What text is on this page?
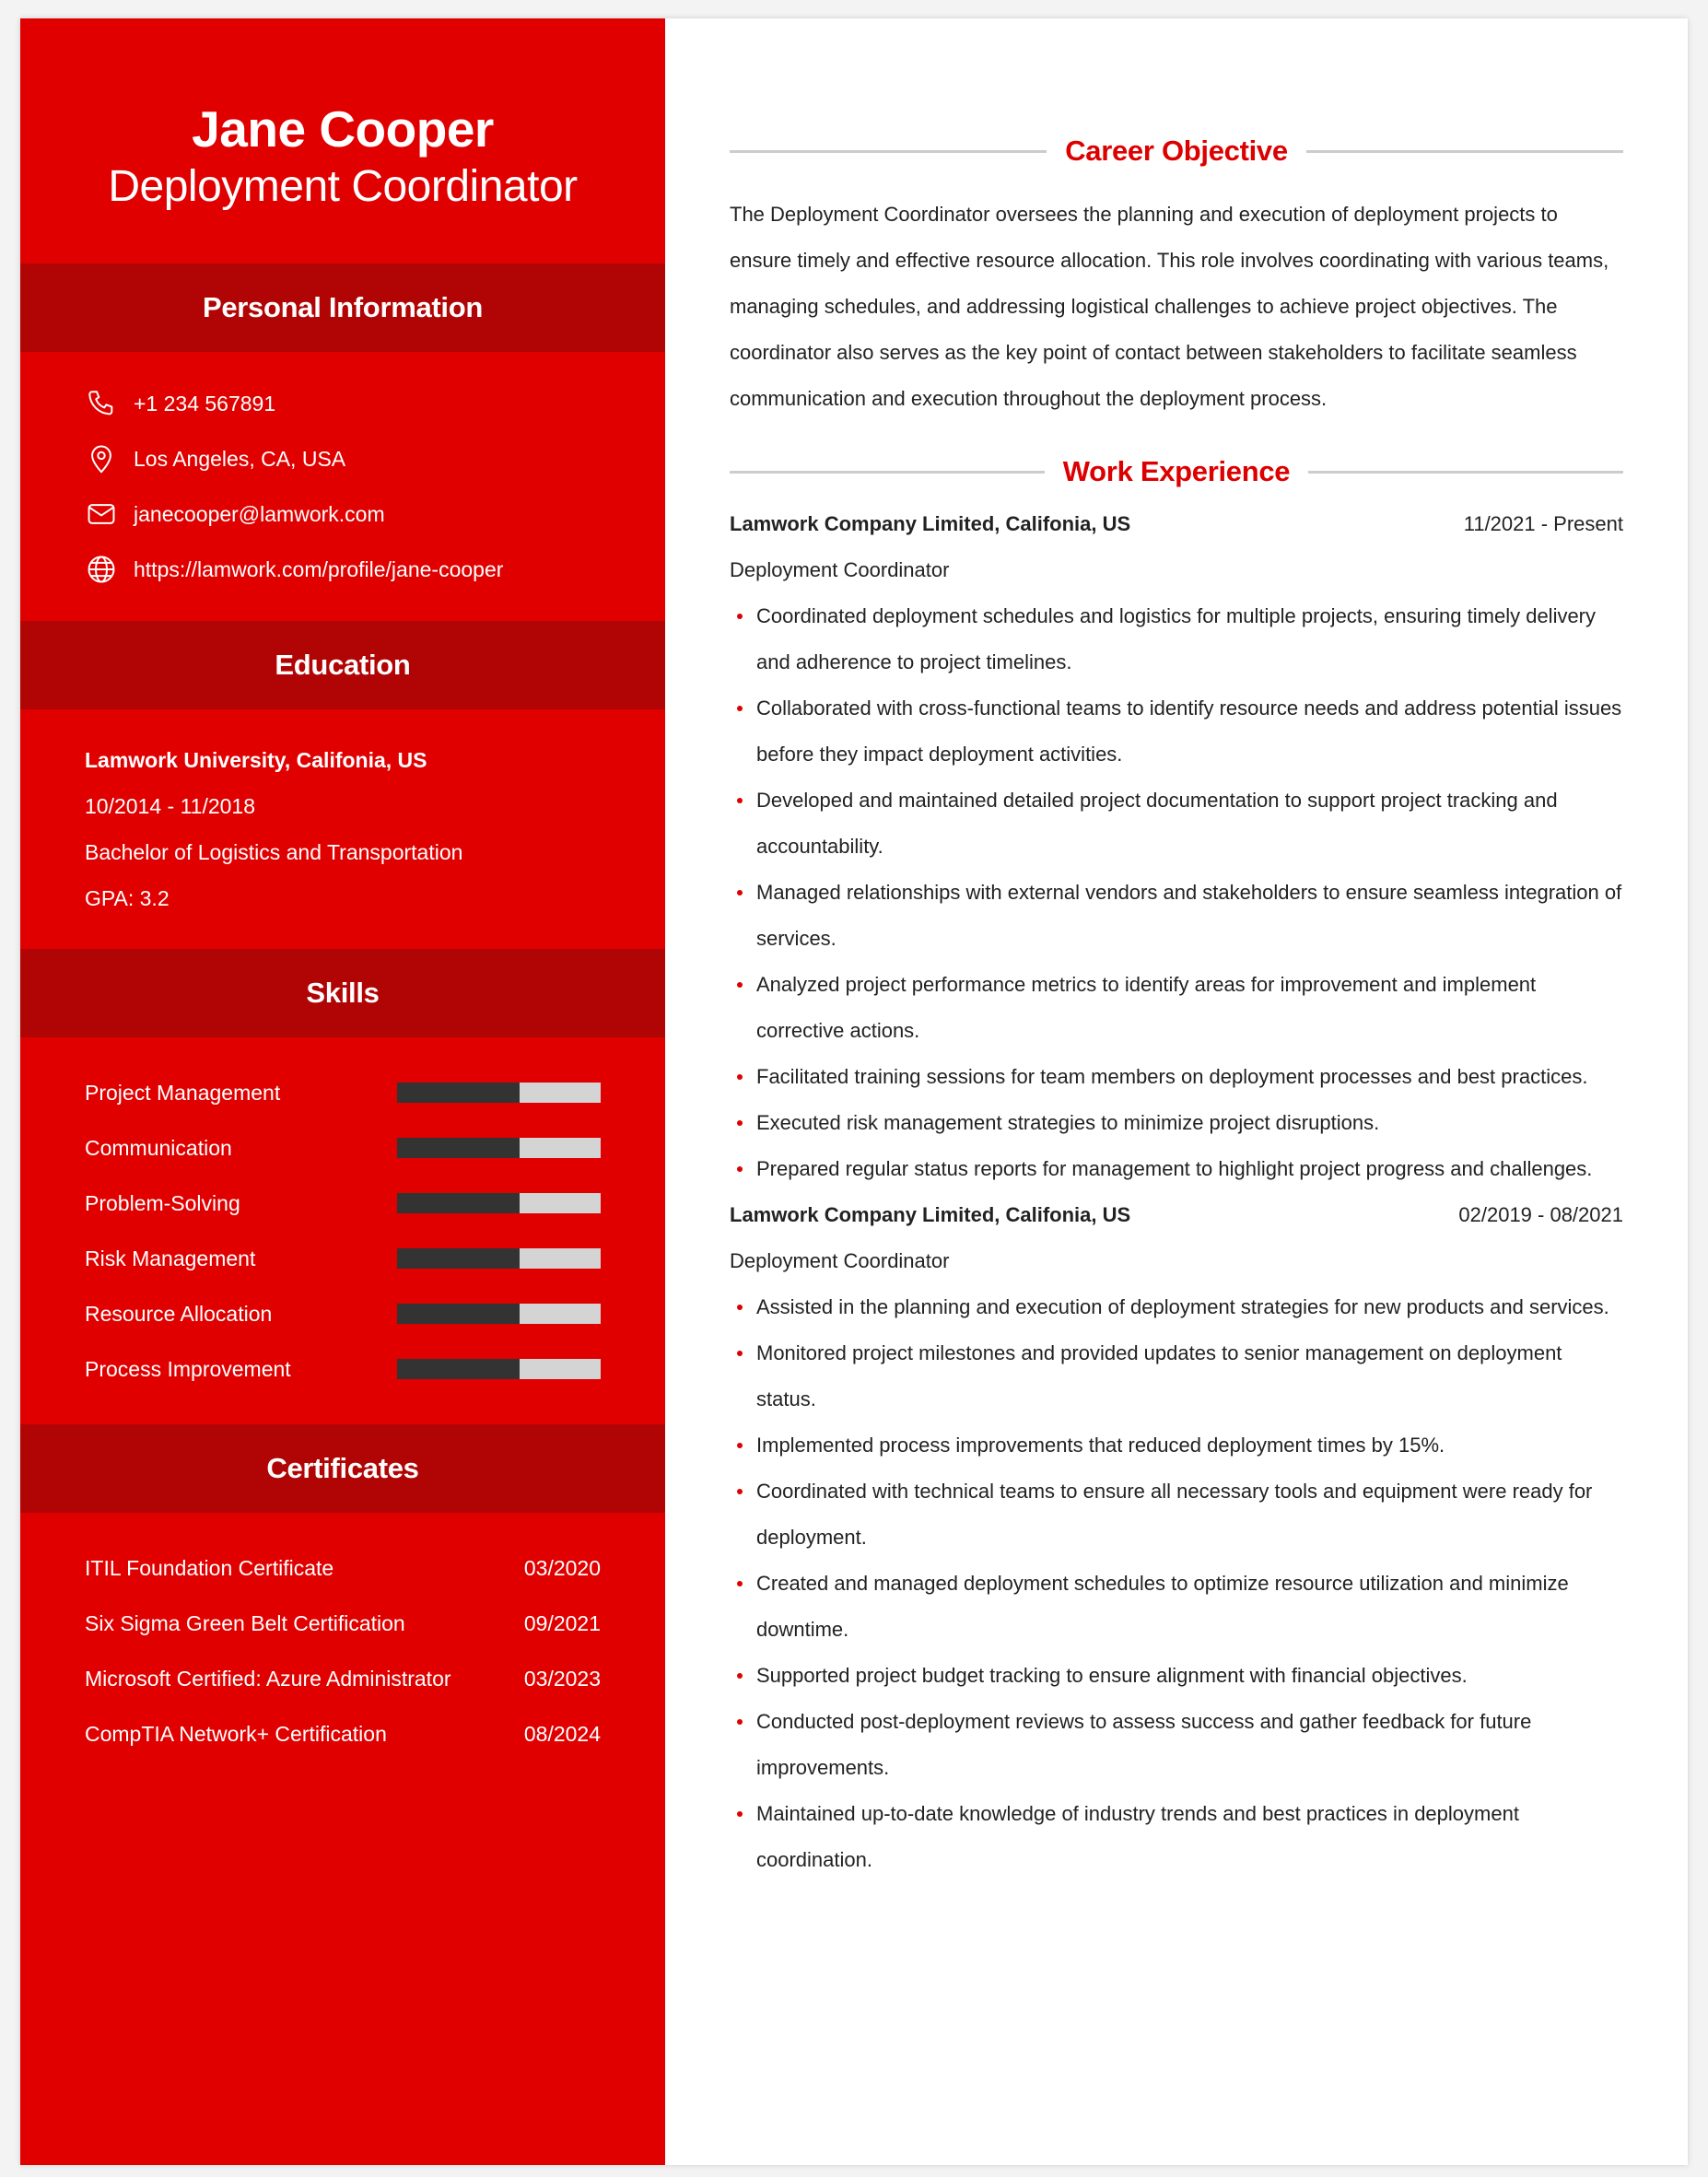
Jane Cooper
Deployment Coordinator
Personal Information
+1 234 567891
Los Angeles, CA, USA
janecooper@lamwork.com
https://lamwork.com/profile/jane-cooper
Education
Lamwork University, Califonia, US
10/2014 - 11/2018
Bachelor of Logistics and Transportation
GPA: 3.2
Skills
Project Management
Communication
Problem-Solving
Risk Management
Resource Allocation
Process Improvement
Certificates
ITIL Foundation Certificate	03/2020
Six Sigma Green Belt Certification	09/2021
Microsoft Certified: Azure Administrator	03/2023
CompTIA Network+ Certification	08/2024
Career Objective

The Deployment Coordinator oversees the planning and execution of deployment projects to ensure timely and effective resource allocation. This role involves coordinating with various teams, managing schedules, and addressing logistical challenges to achieve project objectives. The coordinator also serves as the key point of contact between stakeholders to facilitate seamless communication and execution throughout the deployment process.

Work Experience
Lamwork Company Limited, Califonia, US	11/2021 - Present
Deployment Coordinator
Coordinated deployment schedules and logistics for multiple projects, ensuring timely delivery and adherence to project timelines.
Collaborated with cross-functional teams to identify resource needs and address potential issues before they impact deployment activities.
Developed and maintained detailed project documentation to support project tracking and accountability.
Managed relationships with external vendors and stakeholders to ensure seamless integration of services.
Analyzed project performance metrics to identify areas for improvement and implement corrective actions.
Facilitated training sessions for team members on deployment processes and best practices.
Executed risk management strategies to minimize project disruptions.
Prepared regular status reports for management to highlight project progress and challenges.
Lamwork Company Limited, Califonia, US	02/2019 - 08/2021
Deployment Coordinator
Assisted in the planning and execution of deployment strategies for new products and services.
Monitored project milestones and provided updates to senior management on deployment status.
Implemented process improvements that reduced deployment times by 15%.
Coordinated with technical teams to ensure all necessary tools and equipment were ready for deployment.
Created and managed deployment schedules to optimize resource utilization and minimize downtime.
Supported project budget tracking to ensure alignment with financial objectives.
Conducted post-deployment reviews to assess success and gather feedback for future improvements.
Maintained up-to-date knowledge of industry trends and best practices in deployment coordination.
